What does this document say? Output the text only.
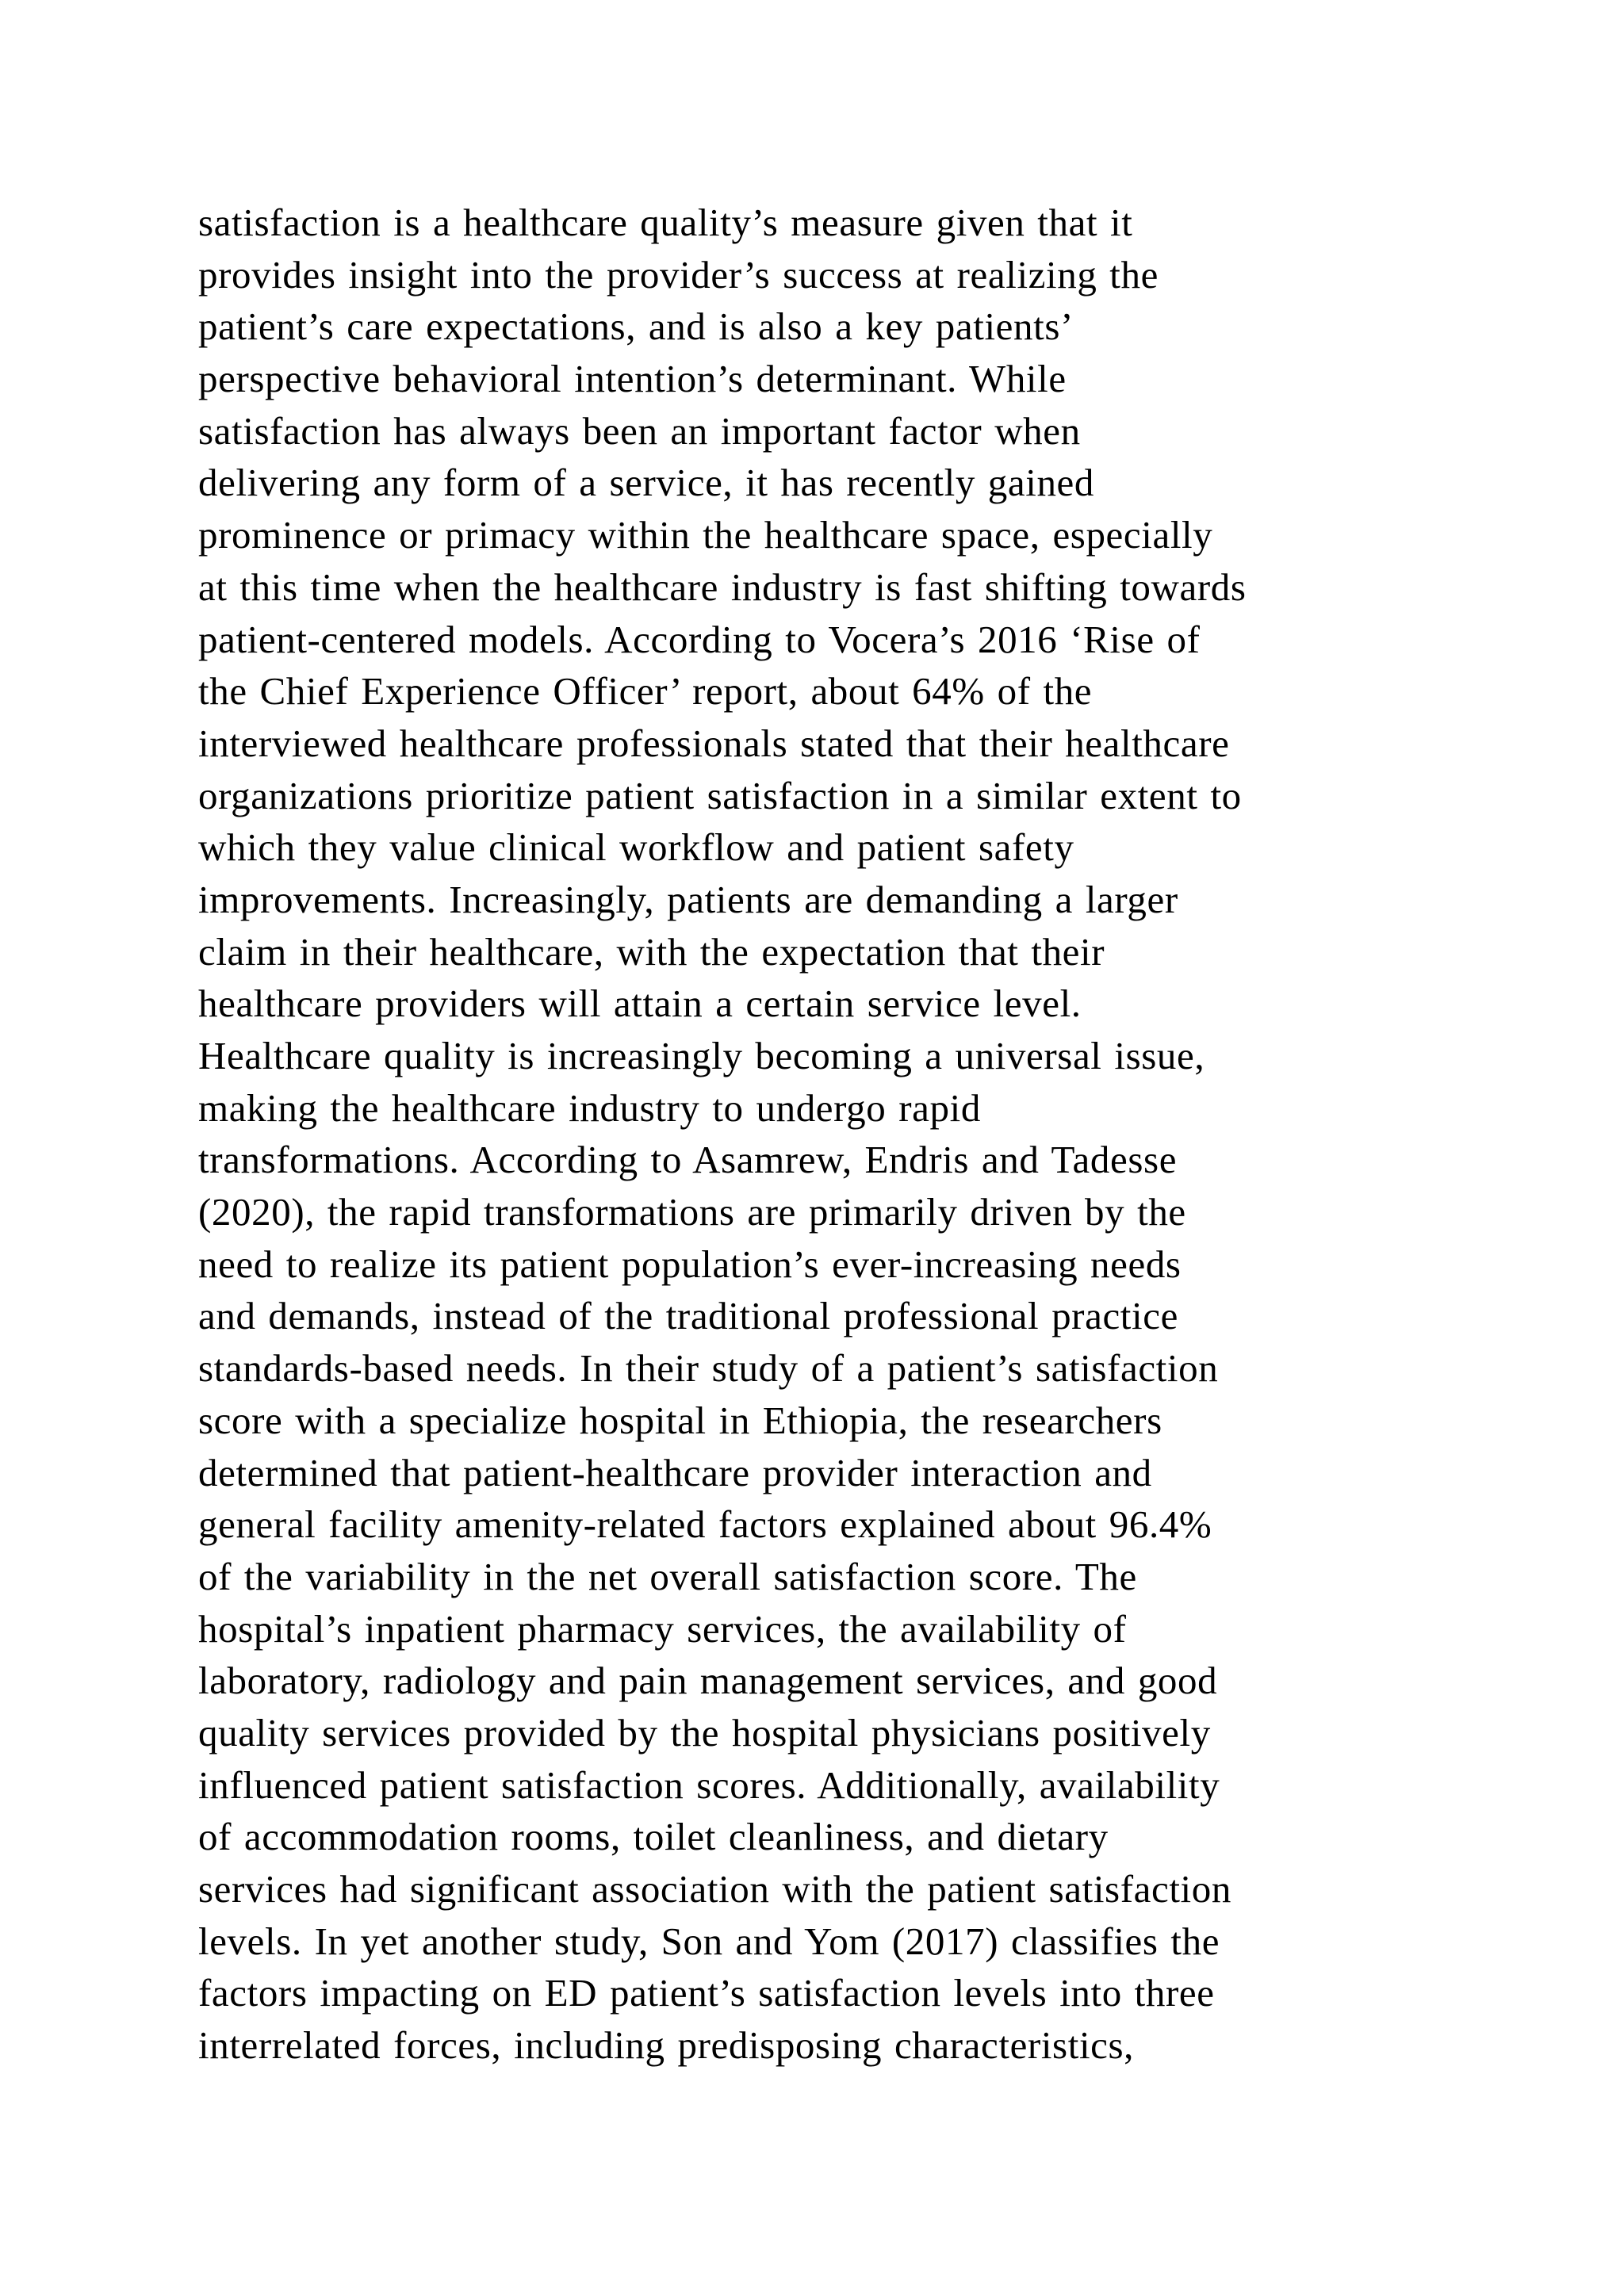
satisfaction is a healthcare quality’s measure given that it
provides insight into the provider’s success at realizing the
patient’s care expectations, and is also a key patients’
perspective behavioral intention’s determinant. While
satisfaction has always been an important factor when
delivering any form of a service, it has recently gained
prominence or primacy within the healthcare space, especially
at this time when the healthcare industry is fast shifting towards
patient-centered models. According to Vocera’s 2016 ‘Rise of
the Chief Experience Officer’ report, about 64% of the
interviewed healthcare professionals stated that their healthcare
organizations prioritize patient satisfaction in a similar extent to
which they value clinical workflow and patient safety
improvements. Increasingly, patients are demanding a larger
claim in their healthcare, with the expectation that their
healthcare providers will attain a certain service level.
Healthcare quality is increasingly becoming a universal issue,
making the healthcare industry to undergo rapid
transformations. According to Asamrew, Endris and Tadesse
(2020), the rapid transformations are primarily driven by the
need to realize its patient population’s ever-increasing needs
and demands, instead of the traditional professional practice
standards-based needs. In their study of a patient’s satisfaction
score with a specialize hospital in Ethiopia, the researchers
determined that patient-healthcare provider interaction and
general facility amenity-related factors explained about 96.4%
of the variability in the net overall satisfaction score. The
hospital’s inpatient pharmacy services, the availability of
laboratory, radiology and pain management services, and good
quality services provided by the hospital physicians positively
influenced patient satisfaction scores. Additionally, availability
of accommodation rooms, toilet cleanliness, and dietary
services had significant association with the patient satisfaction
levels. In yet another study, Son and Yom (2017) classifies the
factors impacting on ED patient’s satisfaction levels into three
interrelated forces, including predisposing characteristics,
